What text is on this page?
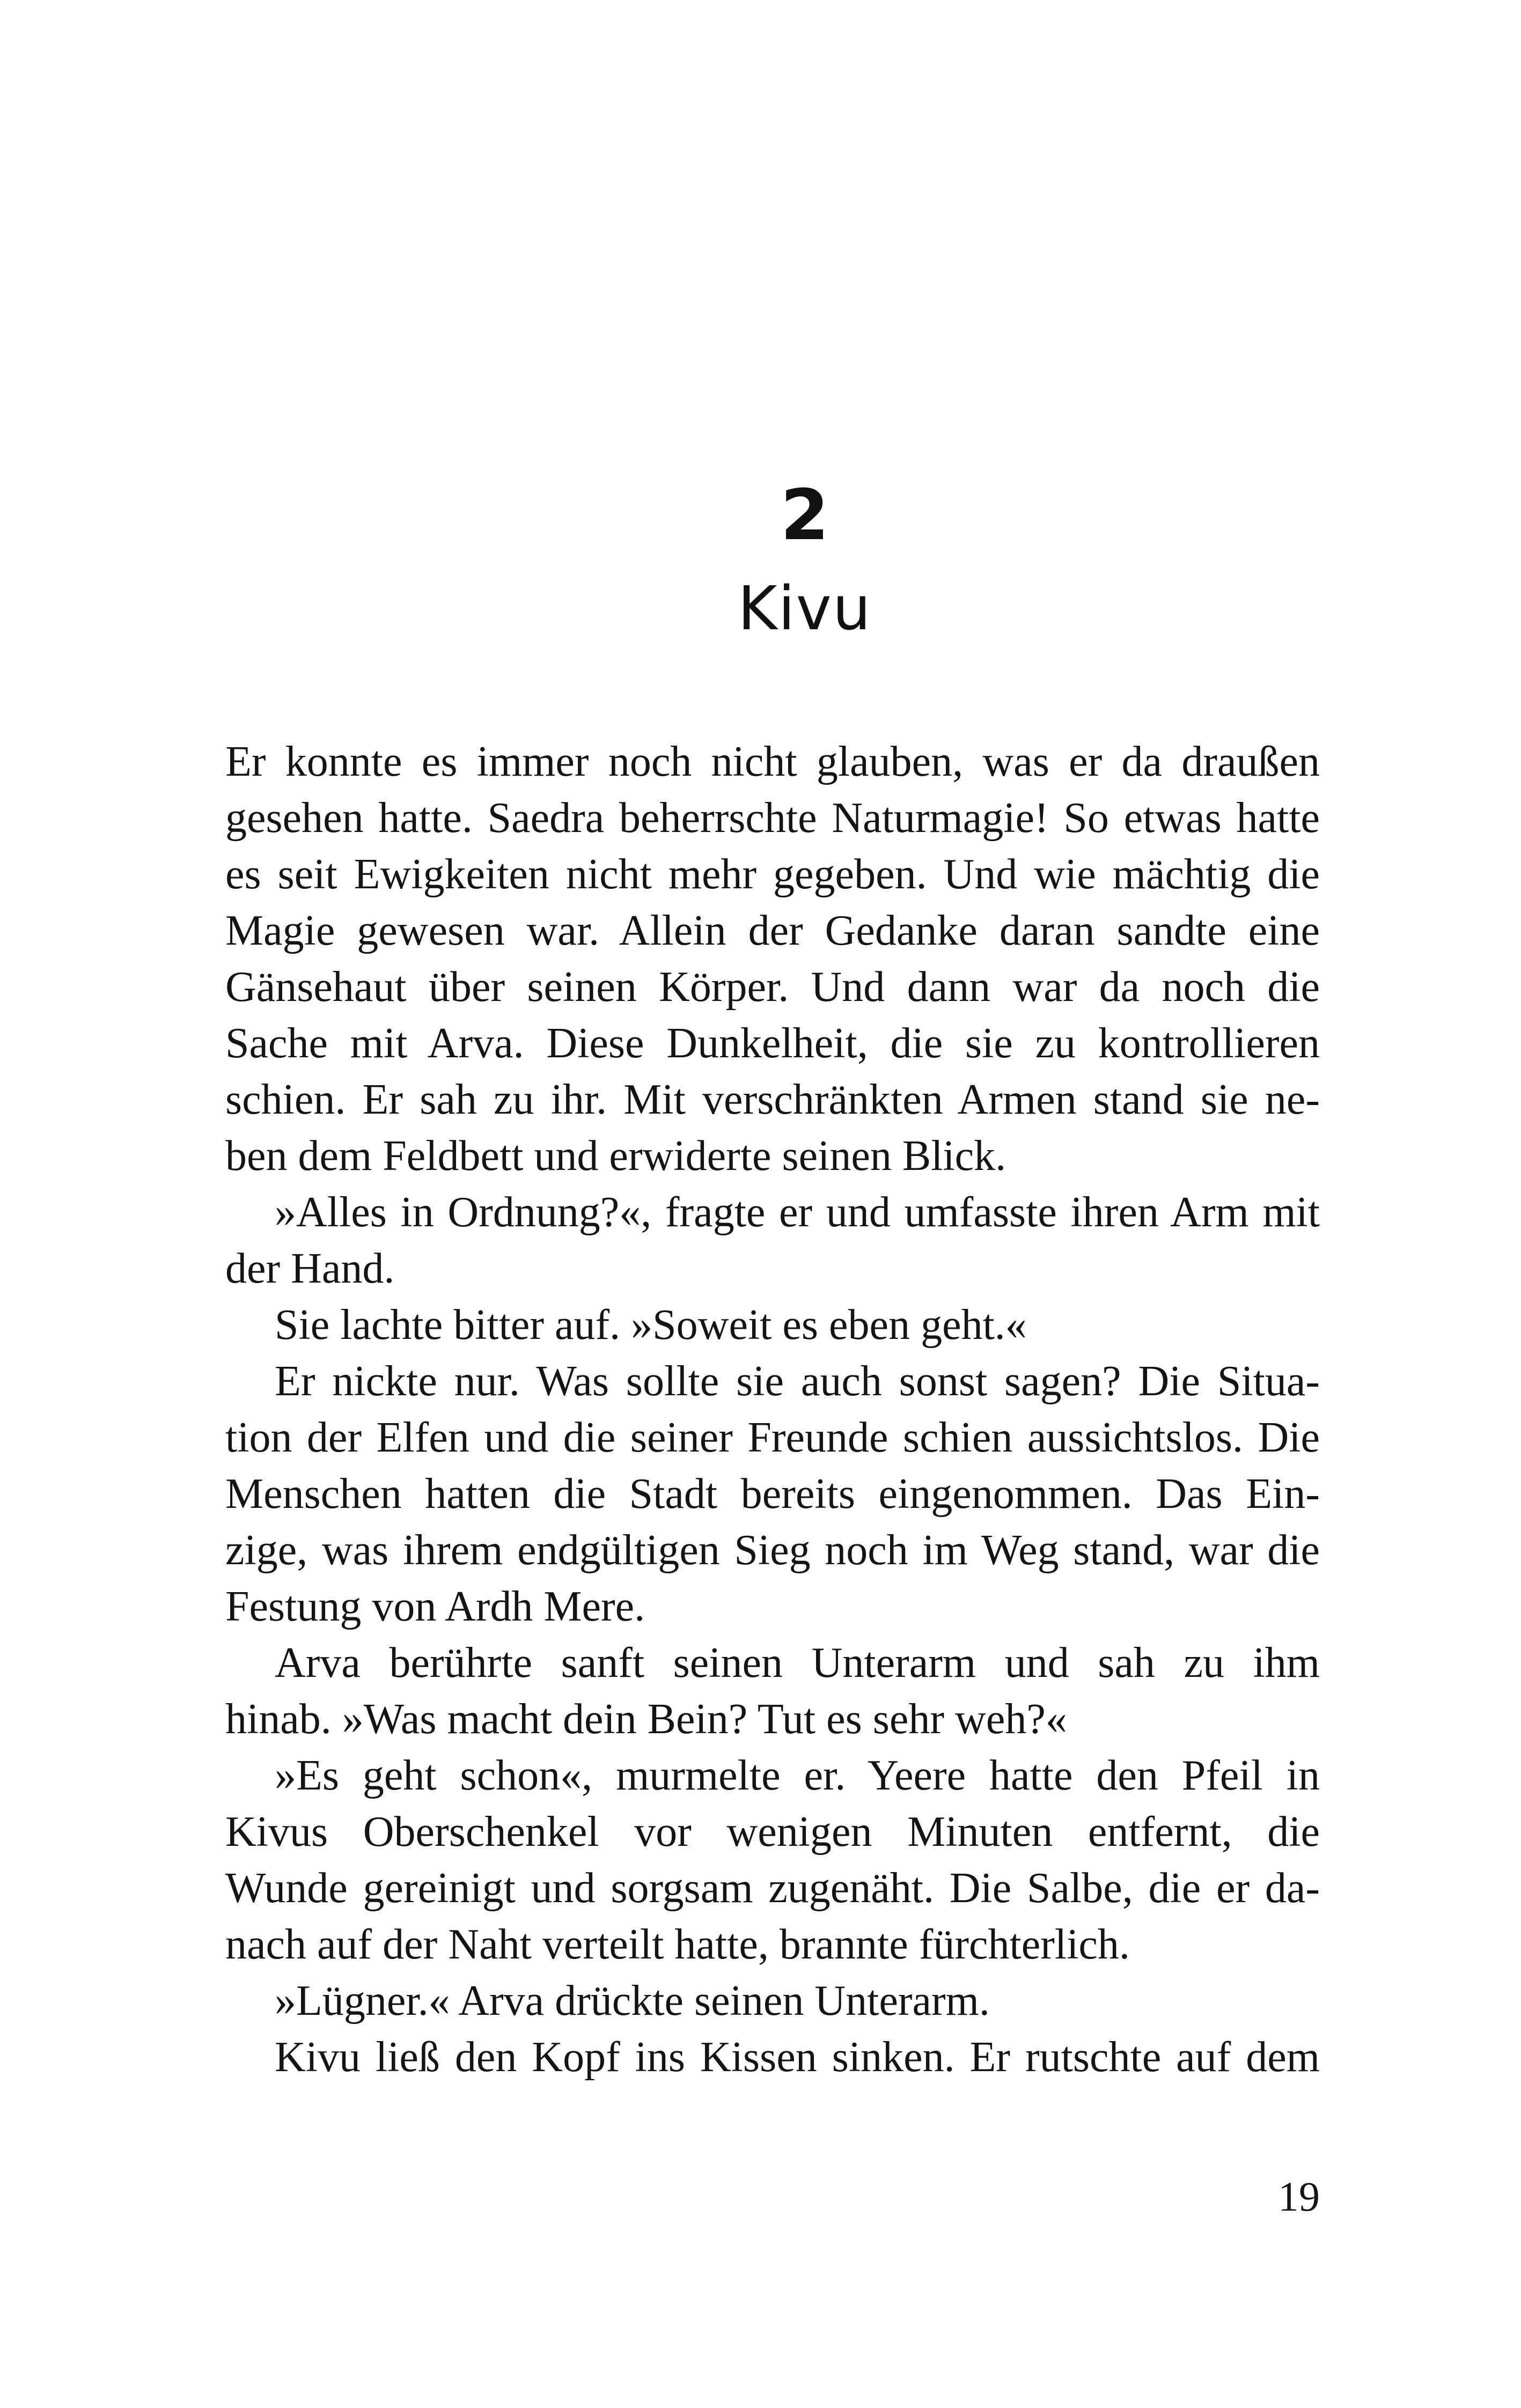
2
Kivu
Er konnte es immer noch nicht glauben, was er da draußen
gesehen hatte. Saedra beherrschte Naturmagie! So etwas hatte
es seit Ewigkeiten nicht mehr gegeben. Und wie mächtig die
Magie gewesen war. Allein der Gedanke daran sandte eine
Gänsehaut über seinen Körper. Und dann war da noch die
Sache mit Arva. Diese Dunkelheit, die sie zu kontrollieren
schien. Er sah zu ihr. Mit verschränkten Armen stand sie ne-
ben dem Feldbett und erwiderte seinen Blick.
»Alles in Ordnung?«, fragte er und umfasste ihren Arm mit
der Hand.
Sie lachte bitter auf. »Soweit es eben geht.«
Er nickte nur. Was sollte sie auch sonst sagen? Die Situa-
tion der Elfen und die seiner Freunde schien aussichtslos. Die
Menschen hatten die Stadt bereits eingenommen. Das Ein-
zige, was ihrem endgültigen Sieg noch im Weg stand, war die
Festung von Ardh Mere.
Arva berührte sanft seinen Unterarm und sah zu ihm
hinab. »Was macht dein Bein? Tut es sehr weh?«
»Es geht schon«, murmelte er. Yeere hatte den Pfeil in
Kivus Oberschenkel vor wenigen Minuten entfernt, die
Wunde gereinigt und sorgsam zugenäht. Die Salbe, die er da-
nach auf der Naht verteilt hatte, brannte fürchterlich.
»Lügner.« Arva drückte seinen Unterarm.
Kivu ließ den Kopf ins Kissen sinken. Er rutschte auf dem
19
